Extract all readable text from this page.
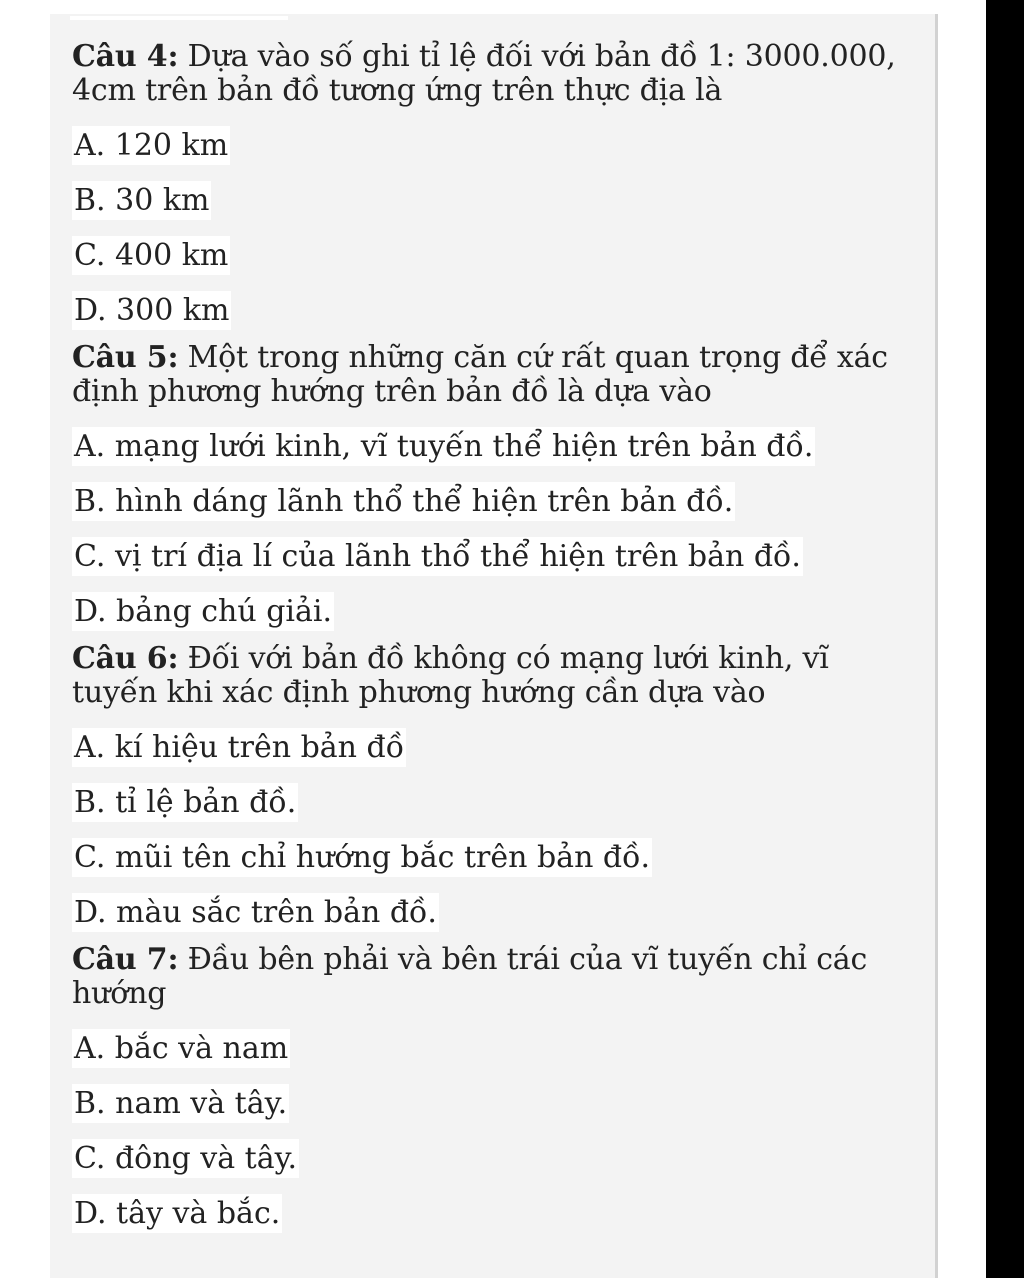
Câu 4: Dựa vào số ghi tỉ lệ đối với bản đồ 1: 3000.000, 4cm trên bản đồ tương ứng trên thực địa là

A. 120 km
B. 30 km
C. 400 km
D. 300 km

Câu 5: Một trong những căn cứ rất quan trọng để xác định phương hướng trên bản đồ là dựa vào

A. mạng lưới kinh, vĩ tuyến thể hiện trên bản đồ.
B. hình dáng lãnh thổ thể hiện trên bản đồ.
C. vị trí địa lí của lãnh thổ thể hiện trên bản đồ.
D. bảng chú giải.

Câu 6: Đối với bản đồ không có mạng lưới kinh, vĩ tuyến khi xác định phương hướng cần dựa vào

A. kí hiệu trên bản đồ
B. tỉ lệ bản đồ.
C. mũi tên chỉ hướng bắc trên bản đồ.
D. màu sắc trên bản đồ.

Câu 7: Đầu bên phải và bên trái của vĩ tuyến chỉ các hướng

A. bắc và nam
B. nam và tây.
C. đông và tây.
D. tây và bắc.
